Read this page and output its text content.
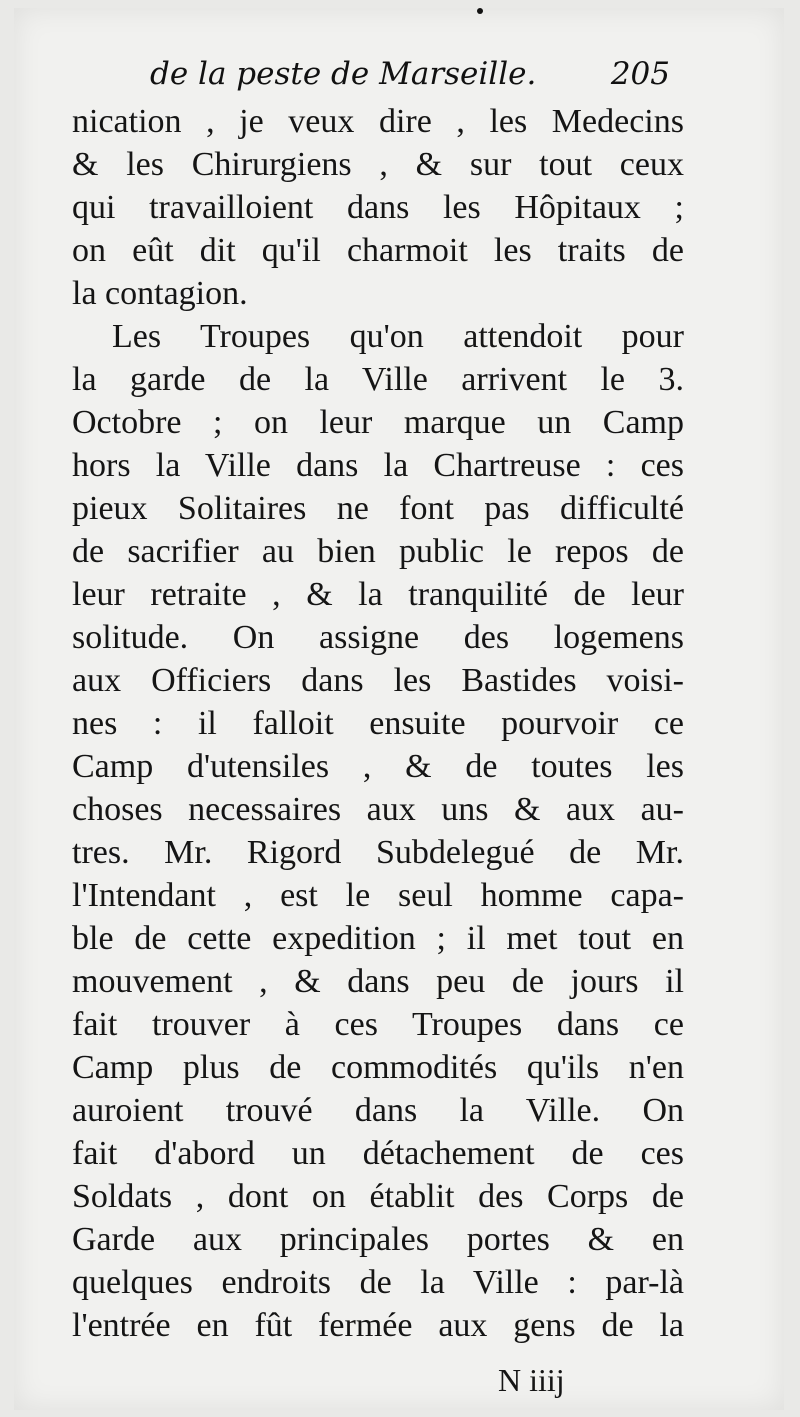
de la peste de Marseille. 205
nication , je veux dire , les Medecins
& les Chirurgiens , & sur tout ceux
qui travailloient dans les Hôpitaux ;
on eût dit qu'il charmoit les traits de
la contagion.
Les Troupes qu'on attendoit pour
la garde de la Ville arrivent le 3.
Octobre ; on leur marque un Camp
hors la Ville dans la Chartreuse : ces
pieux Solitaires ne font pas difficulté
de sacrifier au bien public le repos de
leur retraite , & la tranquilité de leur
solitude. On assigne des logemens
aux Officiers dans les Bastides voisi-
nes : il falloit ensuite pourvoir ce
Camp d'utensiles , & de toutes les
choses necessaires aux uns & aux au-
tres. Mr. Rigord Subdelegué de Mr.
l'Intendant , est le seul homme capa-
ble de cette expedition ; il met tout en
mouvement , & dans peu de jours il
fait trouver à ces Troupes dans ce
Camp plus de commodités qu'ils n'en
auroient trouvé dans la Ville. On
fait d'abord un détachement de ces
Soldats , dont on établit des Corps de
Garde aux principales portes & en
quelques endroits de la Ville : par-là
l'entrée en fût fermée aux gens de la
N iiij
